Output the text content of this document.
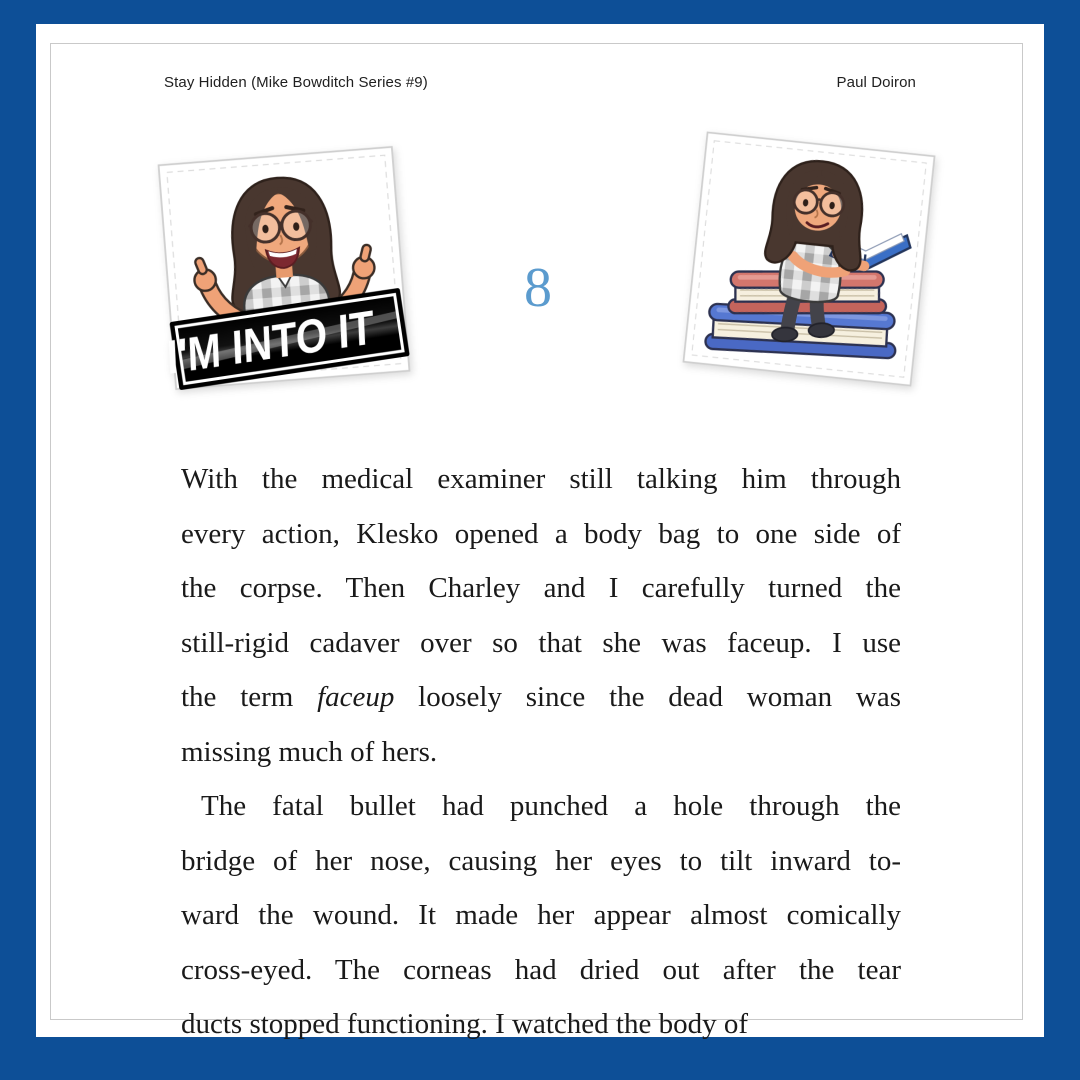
Stay Hidden (Mike Bowditch Series #9)	Paul Doiron
I'M INTO IT
8
With the medical examiner still talking him through
every action, Klesko opened a body bag to one side of
the corpse. Then Charley and I carefully turned the
still-rigid cadaver over so that she was faceup. I use
the term faceup loosely since the dead woman was
missing much of hers.
The fatal bullet had punched a hole through the
bridge of her nose, causing her eyes to tilt inward to-
ward the wound. It made her appear almost comically
cross-eyed. The corneas had dried out after the tear
ducts stopped functioning. I watched the body of
